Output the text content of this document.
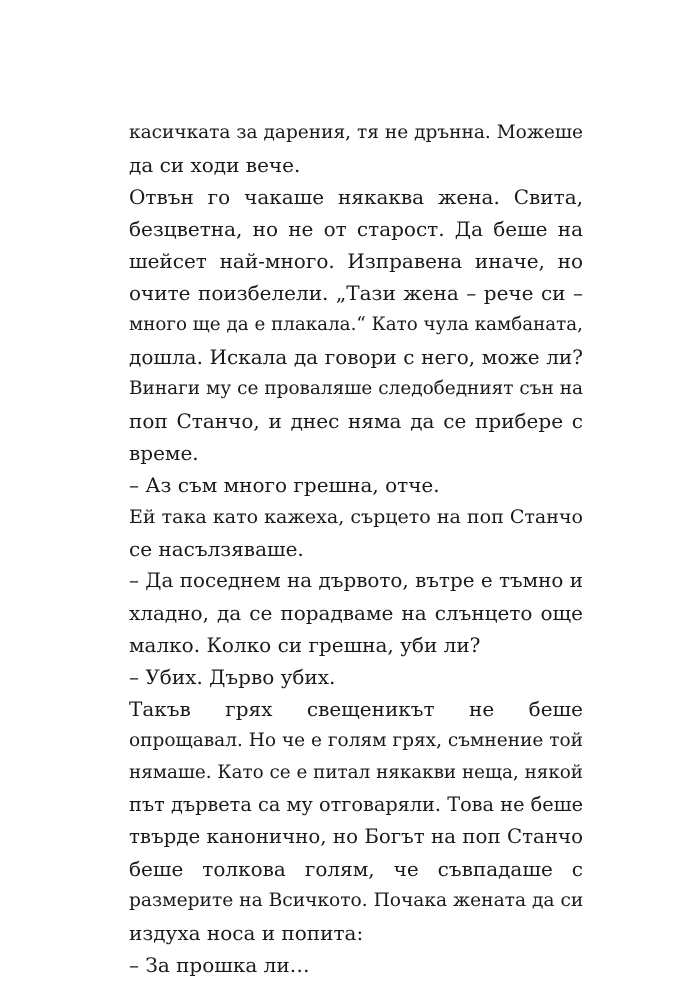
касичката за дарения, тя не дрънна. Можеше
да си ходи вече.
Отвън го чакаше някаква жена. Свита,
безцветна, но не от старост. Да беше на
шейсет най-много. Изправена иначе, но
очите поизбелели. „Тази жена – рече си –
много ще да е плакала.“ Като чула камбаната,
дошла. Искала да говори с него, може ли?
Винаги му се проваляше следобедният сън на
поп Станчо, и днес няма да се прибере с
време.
– Аз съм много грешна, отче.
Ей така като кажеха, сърцето на поп Станчо
се насълзяваше.
– Да поседнем на дървото, вътре е тъмно и
хладно, да се порадваме на слънцето още
малко. Колко си грешна, уби ли?
– Убих. Дърво убих.
Такъв грях свещеникът не беше
опрощавал. Но че е голям грях, съмнение той
нямаше. Като се е питал някакви неща, някой
път дървета са му отговаряли. Това не беше
твърде канонично, но Богът на поп Станчо
беше толкова голям, че съвпадаше с
размерите на Всичкото. Почака жената да си
издуха носа и попита:
– За прошка ли…
